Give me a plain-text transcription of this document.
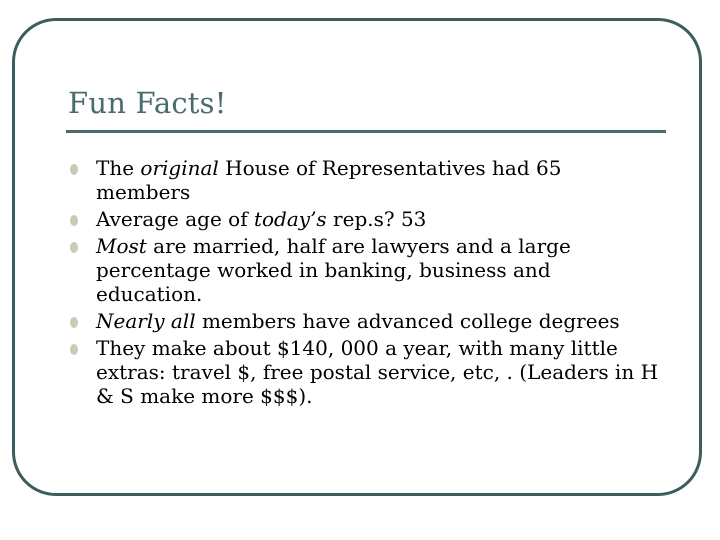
Fun Facts!
The original House of Representatives had 65 members
Average age of today’s rep.s? 53
Most are married, half are lawyers and a large percentage worked in banking, business and education.
Nearly all members have advanced college degrees
They make about $140, 000 a year, with many little extras: travel $, free postal service, etc, . (Leaders in H & S make more $$$).
